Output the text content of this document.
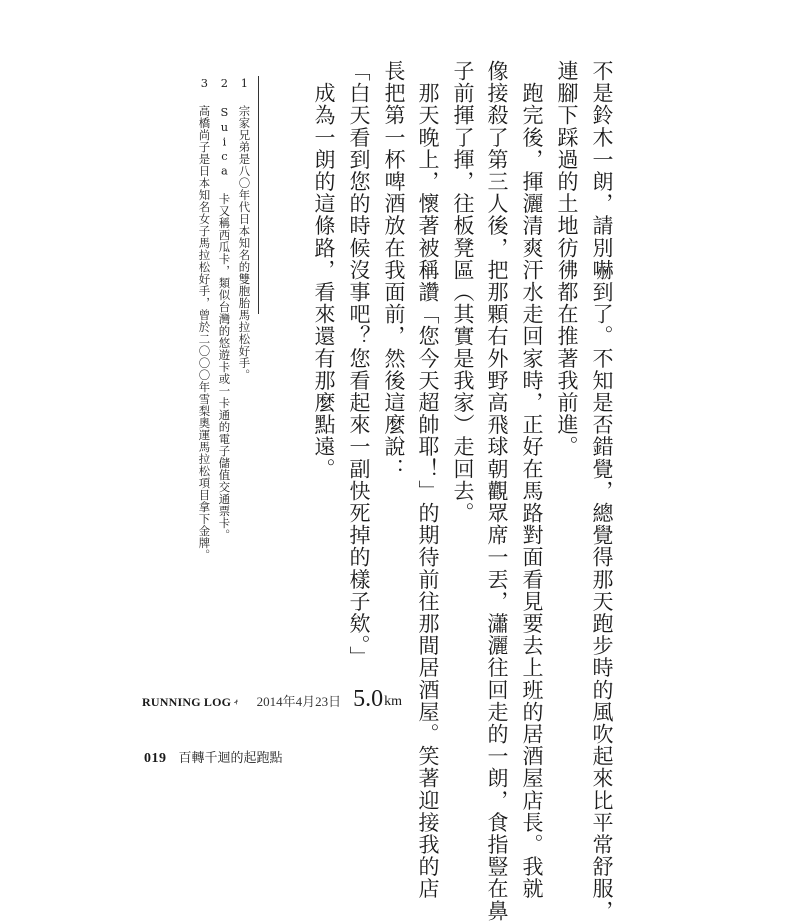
不是鈴木一朗，請別嚇到了。不知是否錯覺，總覺得那天跑步時的風吹起來比平常舒服，
連腳下踩過的土地彷彿都在推著我前進。
　跑完後，揮灑清爽汗水走回家時，正好在馬路對面看見要去上班的居酒屋店長。我就
像接殺了第三人後，把那顆右外野高飛球朝觀眾席一丟，瀟灑往回走的一朗，食指豎在鼻
子前揮了揮，往板凳區（其實是我家）走回去。
　那天晚上，懷著被稱讚「您今天超帥耶！」的期待前往那間居酒屋。笑著迎接我的店
長把第一杯啤酒放在我面前，然後這麼說：
「白天看到您的時候沒事吧？您看起來一副快死掉的樣子欸。」
　成為一朗的這條路，看來還有那麼點遠。
1 宗家兄弟是八〇年代日本知名的雙胞胎馬拉松好手。
2 Suica 卡又稱西瓜卡，類似台灣的悠遊卡或一卡通的電子儲值交通票卡。
3 高橋尚子是日本知名女子馬拉松好手，曾於二〇〇〇年雪梨奧運馬拉松項目拿下金牌。
RUNNING LOG 2014年4月23日 5.0 km
019 百轉千迴的起跑點
